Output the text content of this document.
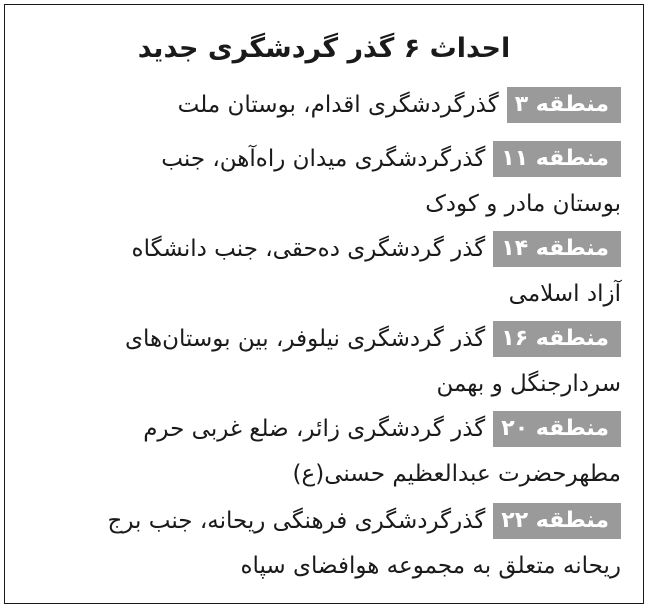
احداث ۶ گذر گردشگری جدید
منطقه ۳گذرگردشگری اقدام، بوستان ملت
منطقه ۱۱گذرگردشگری میدان راه‌آهن، جنب
بوستان مادر و کودک
منطقه ۱۴گذر گردشگری ده‌حقی، جنب دانشگاه
آزاد اسلامی
منطقه ۱۶گذر گردشگری نیلوفر، بین بوستان‌های
سردارجنگل و بهمن
منطقه ۲۰گذر گردشگری زائر، ضلع غربی حرم
مطهرحضرت عبدالعظیم حسنی(ع)
منطقه ۲۲گذرگردشگری فرهنگی ریحانه، جنب برج
ریحانه متعلق به مجموعه هوافضای سپاه
